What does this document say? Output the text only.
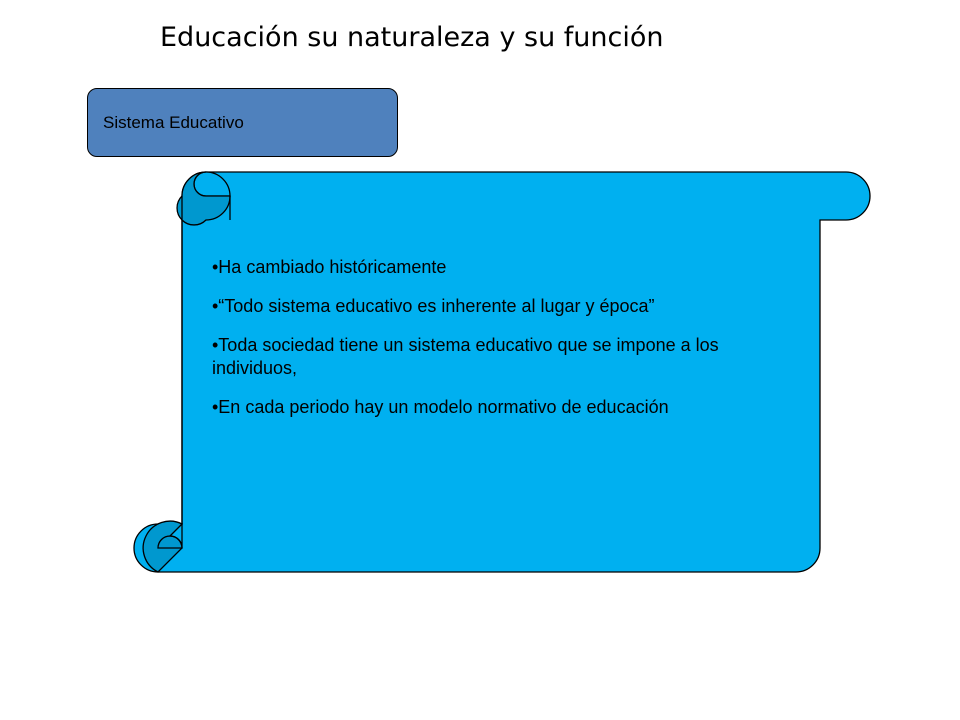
Educación su naturaleza y su función
Sistema Educativo

•Ha cambiado históricamente

•“Todo sistema educativo es inherente al lugar y época”

•Toda sociedad tiene un sistema educativo que se impone a los individuos,

•En cada periodo hay un modelo normativo de educación
